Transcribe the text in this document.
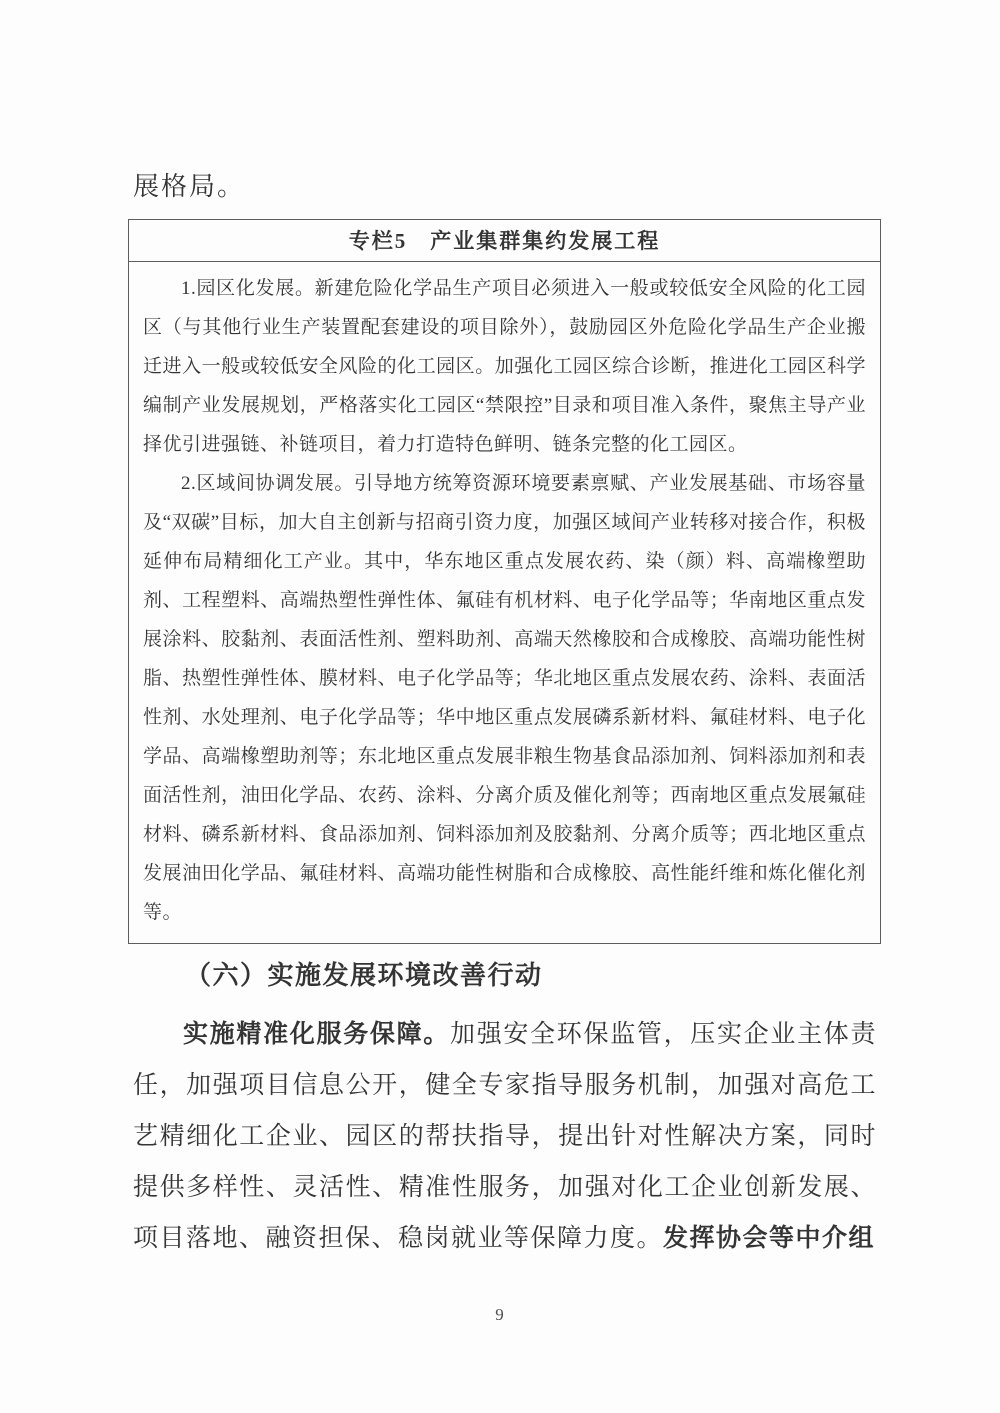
展格局。

专栏5　产业集群集约发展工程

1.园区化发展。新建危险化学品生产项目必须进入一般或较低安全风险的化工园区（与其他行业生产装置配套建设的项目除外），鼓励园区外危险化学品生产企业搬迁进入一般或较低安全风险的化工园区。加强化工园区综合诊断，推进化工园区科学编制产业发展规划，严格落实化工园区“禁限控”目录和项目准入条件，聚焦主导产业择优引进强链、补链项目，着力打造特色鲜明、链条完整的化工园区。

2.区域间协调发展。引导地方统筹资源环境要素禀赋、产业发展基础、市场容量及“双碳”目标，加大自主创新与招商引资力度，加强区域间产业转移对接合作，积极延伸布局精细化工产业。其中，华东地区重点发展农药、染（颜）料、高端橡塑助剂、工程塑料、高端热塑性弹性体、氟硅有机材料、电子化学品等；华南地区重点发展涂料、胶黏剂、表面活性剂、塑料助剂、高端天然橡胶和合成橡胶、高端功能性树脂、热塑性弹性体、膜材料、电子化学品等；华北地区重点发展农药、涂料、表面活性剂、水处理剂、电子化学品等；华中地区重点发展磷系新材料、氟硅材料、电子化学品、高端橡塑助剂等；东北地区重点发展非粮生物基食品添加剂、饲料添加剂和表面活性剂，油田化学品、农药、涂料、分离介质及催化剂等；西南地区重点发展氟硅材料、磷系新材料、食品添加剂、饲料添加剂及胶黏剂、分离介质等；西北地区重点发展油田化学品、氟硅材料、高端功能性树脂和合成橡胶、高性能纤维和炼化催化剂等。

（六）实施发展环境改善行动

实施精准化服务保障。加强安全环保监管，压实企业主体责任，加强项目信息公开，健全专家指导服务机制，加强对高危工艺精细化工企业、园区的帮扶指导，提出针对性解决方案，同时提供多样性、灵活性、精准性服务，加强对化工企业创新发展、项目落地、融资担保、稳岗就业等保障力度。发挥协会等中介组

9
